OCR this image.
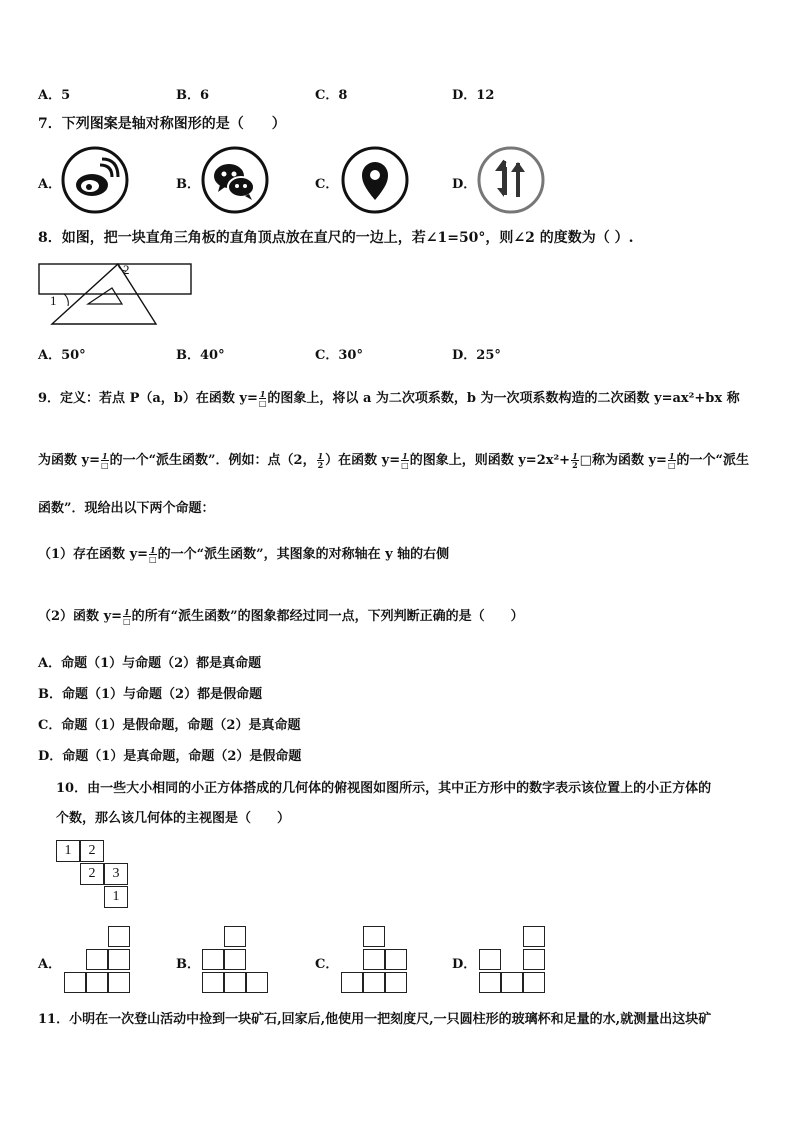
A．5	B．6	C．8	D．12
7．下列图案是轴对称图形的是（　　）
A．	B．	C．	D．
8．如图，把一块直角三角板的直角顶点放在直尺的一边上，若∠1=50°，则∠2 的度数为（ ）.
2
1
A．50°	B．40°	C．30°	D．25°
9．定义：若点 P（a，b）在函数 $y= \frac{1}{□}$ 的图象上，将以 a 为二次项系数，b 为一次项系数构造的二次函数 y=ax²+bx 称
为函数 $y= \frac{1}{□}$ 的一个“派生函数”．例如：点（2， $\frac{1}{2}$ ）在函数 $y= \frac{1}{□}$ 的图象上，则函数 $y=2x^2+ \frac{1}{2}$ □称为函数 $y= \frac{1}{□}$ 的一个“派生
函数”．现给出以下两个命题：
（1）存在函数 $y= \frac{1}{□}$ 的一个“派生函数”，其图象的对称轴在 y 轴的右侧
（2）函数 $y= \frac{1}{□}$ 的所有“派生函数”的图象都经过同一点，下列判断正确的是（　　）
A．命题（1）与命题（2）都是真命题
B．命题（1）与命题（2）都是假命题
C．命题（1）是假命题，命题（2）是真命题
D．命题（1）是真命题，命题（2）是假命题
10．由一些大小相同的小正方体搭成的几何体的俯视图如图所示，其中正方形中的数字表示该位置上的小正方体的
个数，那么该几何体的主视图是（　　）
1	2
2	3
1
A．	B．	C．	D．
11．小明在一次登山活动中捡到一块矿石,回家后,他使用一把刻度尺,一只圆柱形的玻璃杯和足量的水,就测量出这块矿
